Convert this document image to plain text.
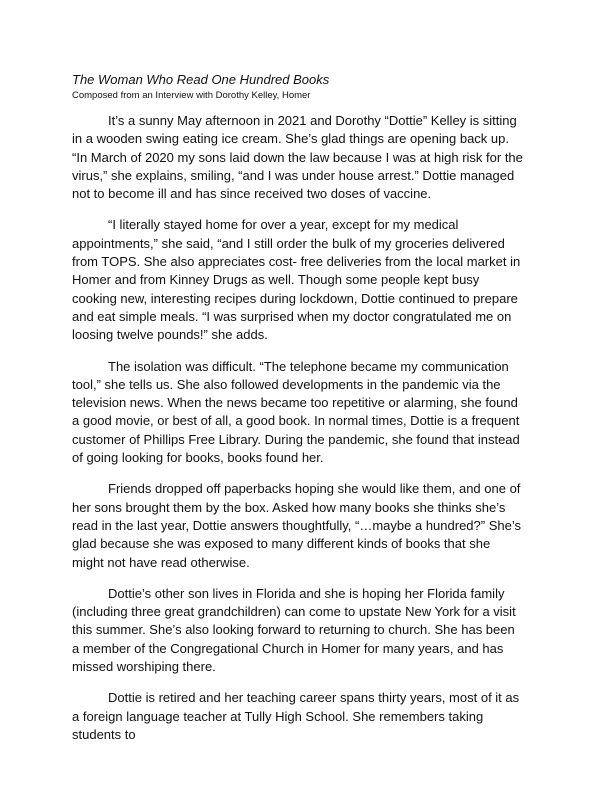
The Woman Who Read One Hundred Books

Composed from an Interview with Dorothy Kelley, Homer

It’s a sunny May afternoon in 2021 and Dorothy “Dottie” Kelley is sitting in a wooden swing eating ice cream. She’s glad things are opening back up. “In March of 2020 my sons laid down the law because I was at high risk for the virus,” she explains, smiling, “and I was under house arrest.” Dottie managed not to become ill and has since received two doses of vaccine.

“I literally stayed home for over a year, except for my medical appointments,” she said, “and I still order the bulk of my groceries delivered from TOPS. She also appreciates cost- free deliveries from the local market in Homer and from Kinney Drugs as well. Though some people kept busy cooking new, interesting recipes during lockdown, Dottie continued to prepare and eat simple meals. “I was surprised when my doctor congratulated me on loosing twelve pounds!” she adds.

The isolation was difficult. “The telephone became my communication tool,” she tells us. She also followed developments in the pandemic via the television news. When the news became too repetitive or alarming, she found a good movie, or best of all, a good book. In normal times, Dottie is a frequent customer of Phillips Free Library. During the pandemic, she found that instead of going looking for books, books found her.

Friends dropped off paperbacks hoping she would like them, and one of her sons brought them by the box. Asked how many books she thinks she’s read in the last year, Dottie answers thoughtfully, “…maybe a hundred?” She’s glad because she was exposed to many different kinds of books that she might not have read otherwise.

Dottie’s other son lives in Florida and she is hoping her Florida family (including three great grandchildren) can come to upstate New York for a visit this summer. She’s also looking forward to returning to church. She has been a member of the Congregational Church in Homer for many years, and has missed worshiping there.

Dottie is retired and her teaching career spans thirty years, most of it as a foreign language teacher at Tully High School. She remembers taking students to
